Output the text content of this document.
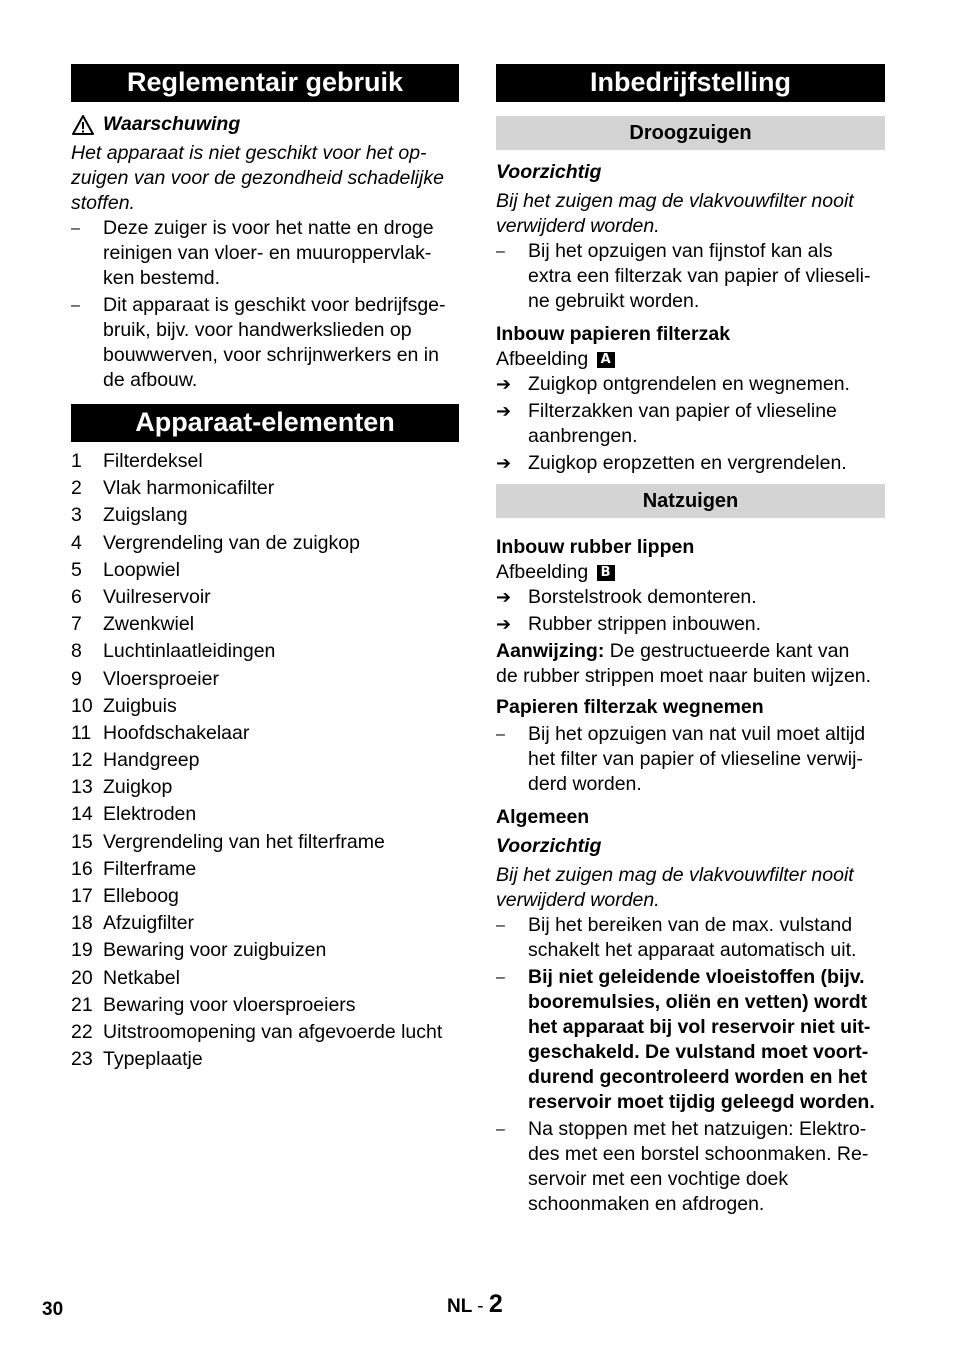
Reglementair gebruik
Waarschuwing
Het apparaat is niet geschikt voor het op-
zuigen van voor de gezondheid schadelijke
stoffen.
–	Deze zuiger is voor het natte en droge
reinigen van vloer- en muuroppervlak-
ken bestemd.
–	Dit apparaat is geschikt voor bedrijfsge-
bruik, bijv. voor handwerkslieden op
bouwwerven, voor schrijnwerkers en in
de afbouw.
Apparaat-elementen
1	Filterdeksel
2	Vlak harmonicafilter
3	Zuigslang
4	Vergrendeling van de zuigkop
5	Loopwiel
6	Vuilreservoir
7	Zwenkwiel
8	Luchtinlaatleidingen
9	Vloersproeier
10 Zuigbuis
11 Hoofdschakelaar
12 Handgreep
13 Zuigkop
14 Elektroden
15 Vergrendeling van het filterframe
16 Filterframe
17 Elleboog
18 Afzuigfilter
19 Bewaring voor zuigbuizen
20 Netkabel
21 Bewaring voor vloersproeiers
22 Uitstroomopening van afgevoerde lucht
23 Typeplaatje
Inbedrijfstelling
Droogzuigen
Voorzichtig
Bij het zuigen mag de vlakvouwfilter nooit
verwijderd worden.
–	Bij het opzuigen van fijnstof kan als
extra een filterzak van papier of vlieseli-
ne gebruikt worden.
Inbouw papieren filterzak
Afbeelding A
➔ Zuigkop ontgrendelen en wegnemen.
➔ Filterzakken van papier of vlieseline
aanbrengen.
➔ Zuigkop eropzetten en vergrendelen.
Natzuigen
Inbouw rubber lippen
Afbeelding B
➔ Borstelstrook demonteren.
➔ Rubber strippen inbouwen.
Aanwijzing: De gestructueerde kant van
de rubber strippen moet naar buiten wijzen.
Papieren filterzak wegnemen
–	Bij het opzuigen van nat vuil moet altijd
het filter van papier of vlieseline verwij-
derd worden.
Algemeen
Voorzichtig
Bij het zuigen mag de vlakvouwfilter nooit
verwijderd worden.
–	Bij het bereiken van de max. vulstand
schakelt het apparaat automatisch uit.
–	Bij niet geleidende vloeistoffen (bijv.
booremulsies, oliën en vetten) wordt
het apparaat bij vol reservoir niet uit-
geschakeld. De vulstand moet voort-
durend gecontroleerd worden en het
reservoir moet tijdig geleegd worden.
–	Na stoppen met het natzuigen: Elektro-
des met een borstel schoonmaken. Re-
servoir met een vochtige doek
schoonmaken en afdrogen.
30	NL - 2
